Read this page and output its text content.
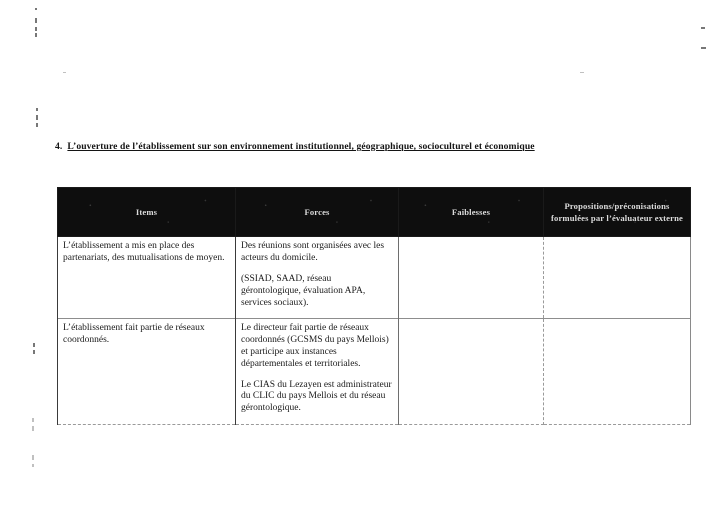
4. L’ouverture de l’établissement sur son environnement institutionnel, géographique, socioculturel et économique
Items	Forces	Faiblesses	Propositions/préconisations formulées par l’évaluateur externe

L’établissement a mis en place des partenariats, des mutualisations de moyen.	Des réunions sont organisées avec les acteurs du domicile.

(SSIAD, SAAD, réseau gérontologique, évaluation APA, services sociaux).		

L’établissement fait partie de réseaux coordonnés.	Le directeur fait partie de réseaux coordonnés (GCSMS du pays Mellois) et participe aux instances départementales et territoriales.

Le CIAS du Lezayen est administrateur du CLIC du pays Mellois et du réseau gérontologique.		
